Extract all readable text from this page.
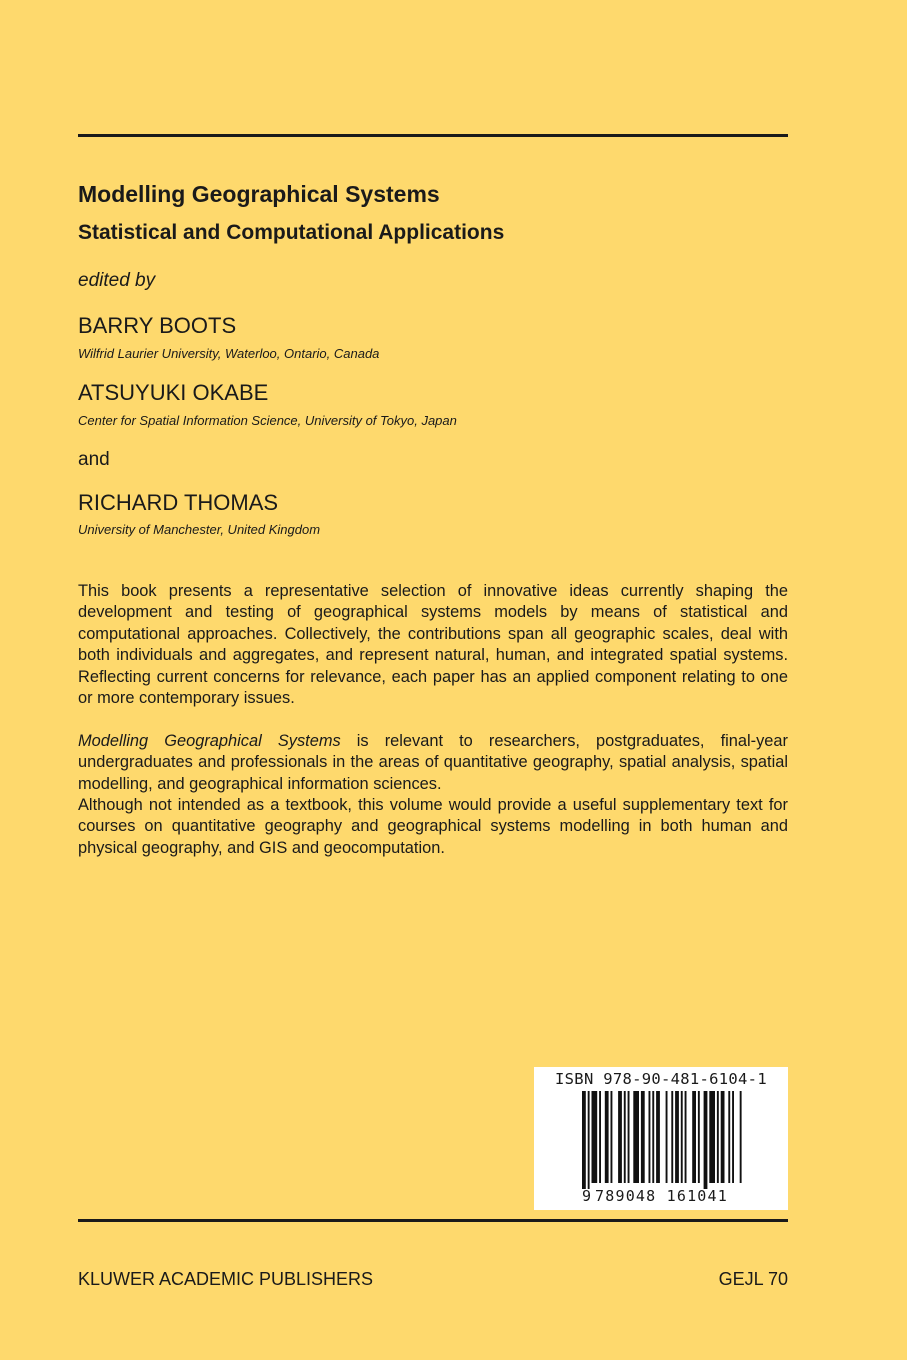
Modelling Geographical Systems
Statistical and Computational Applications
edited by
BARRY BOOTS
Wilfrid Laurier University, Waterloo, Ontario, Canada
ATSUYUKI OKABE
Center for Spatial Information Science, University of Tokyo, Japan
and
RICHARD THOMAS
University of Manchester, United Kingdom

This book presents a representative selection of innovative ideas currently shaping the development and testing of geographical systems models by means of statistical and computational approaches. Collectively, the contributions span all geographic scales, deal with both individuals and aggregates, and represent natural, human, and integrated spatial systems. Reflecting current concerns for relevance, each paper has an applied component relating to one or more contemporary issues.

Modelling Geographical Systems is relevant to researchers, postgraduates, final-year undergraduates and professionals in the areas of quantitative geography, spatial analysis, spatial modelling, and geographical information sciences.

Although not intended as a textbook, this volume would provide a useful supplementary text for courses on quantitative geography and geographical systems modelling in both human and physical geography, and GIS and geocomputation.

ISBN 978-90-481-6104-1
9 789048 161041
KLUWER ACADEMIC PUBLISHERS	GEJL 70
